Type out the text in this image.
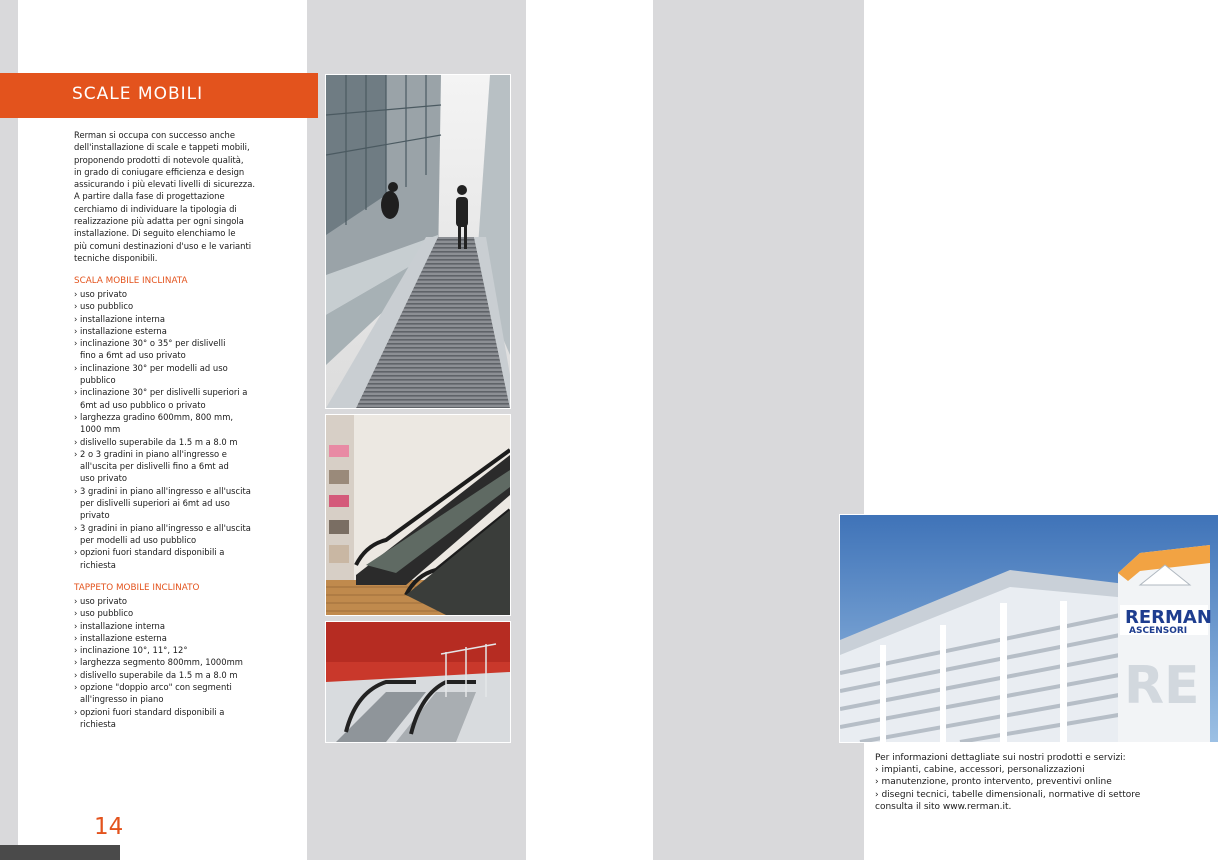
SCALE MOBILI

Rerman si occupa con successo anche

dell'installazione di scale e tappeti mobili,

proponendo prodotti di notevole qualità,

in grado di coniugare efficienza e design

assicurando i più elevati livelli di sicurezza.

A partire dalla fase di progettazione

cerchiamo di individuare la tipologia di

realizzazione più adatta per ogni singola

installazione. Di seguito elenchiamo le

più comuni destinazioni d'uso e le varianti

tecniche disponibili.

SCALA MOBILE INCLINATA
› uso privato
› uso pubblico
› installazione interna
› installazione esterna
› inclinazione 30° o 35° per dislivelli fino a 6mt ad uso privato
› inclinazione 30° per modelli ad uso pubblico
› inclinazione 30° per dislivelli superiori a 6mt ad uso pubblico o privato
› larghezza gradino 600mm, 800 mm, 1000 mm
› dislivello superabile da 1.5 m a 8.0 m
› 2 o 3 gradini in piano all'ingresso e all'uscita per dislivelli fino a 6mt ad uso privato
› 3 gradini in piano all'ingresso e all'uscita per dislivelli superiori ai 6mt ad uso privato
› 3 gradini in piano all'ingresso e all'uscita per modelli ad uso pubblico
› opzioni fuori standard disponibili a richiesta
TAPPETO MOBILE INCLINATO
› uso privato
› uso pubblico
› installazione interna
› installazione esterna
› inclinazione 10°, 11°, 12°
› larghezza segmento 800mm, 1000mm
› dislivello superabile da 1.5 m a 8.0 m
› opzione "doppio arco" con segmenti all'ingresso in piano
› opzioni fuori standard disponibili a richiesta
14
RERMAN
ASCENSORI
RE

Per informazioni dettagliate sui nostri prodotti e servizi:

› impianti, cabine, accessori, personalizzazioni
› manutenzione, pronto intervento, preventivi online
› disegni tecnici, tabelle dimensionali, normative di settore

consulta il sito www.rerman.it.
